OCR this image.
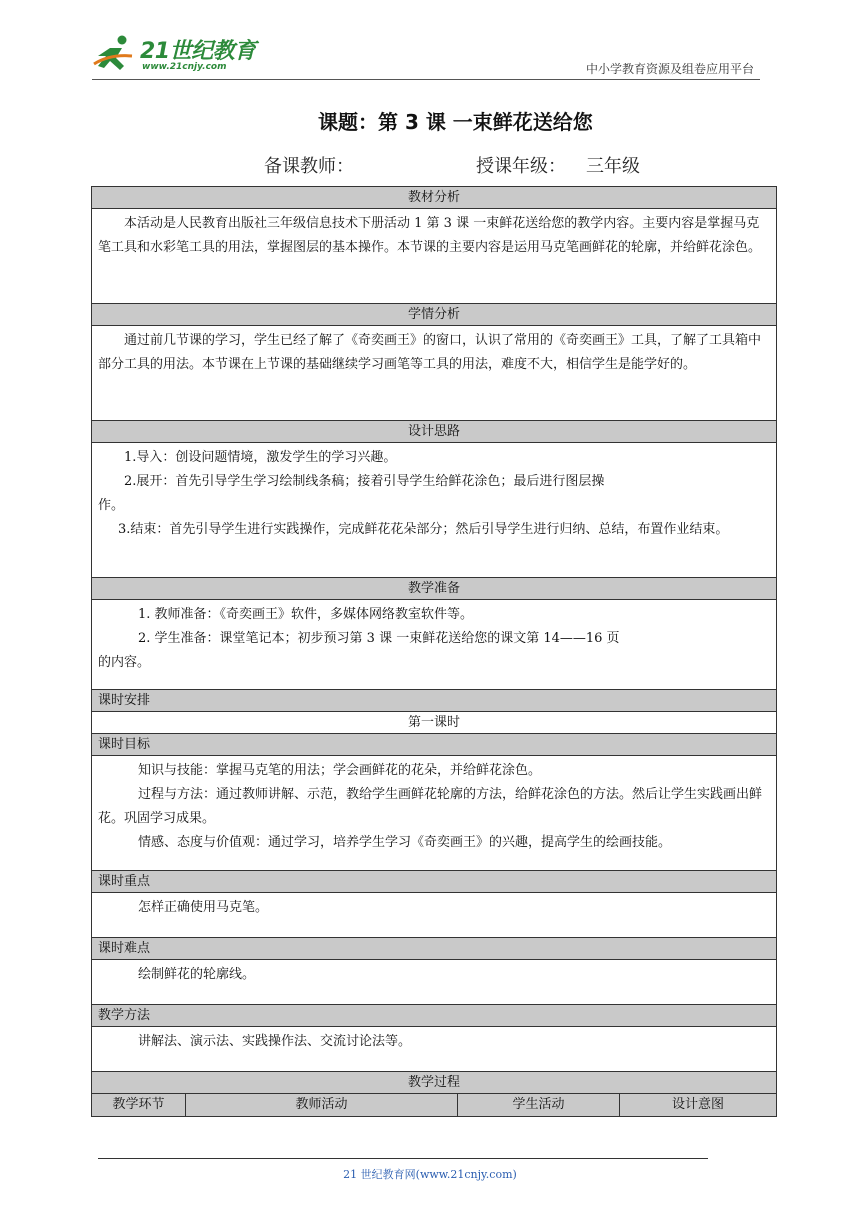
21世纪教育
www.21cnjy.com	中小学教育资源及组卷应用平台
课题：第 3 课 一束鲜花送给您
备课教师：	授课年级： 三年级
教材分析

本活动是人民教育出版社三年级信息技术下册活动 1 第 3 课 一束鲜花送给您的教学内容。主要内容是掌握马克笔工具和水彩笔工具的用法，掌握图层的基本操作。本节课的主要内容是运用马克笔画鲜花的轮廓，并给鲜花涂色。

学情分析

通过前几节课的学习，学生已经了解了《奇奕画王》的窗口，认识了常用的《奇奕画王》工具，了解了工具箱中部分工具的用法。本节课在上节课的基础继续学习画笔等工具的用法，难度不大，相信学生是能学好的。

设计思路

1.导入：创设问题情境，激发学生的学习兴趣。

2.展开：首先引导学生学习绘制线条稿；接着引导学生给鲜花涂色；最后进行图层操

作。

3.结束：首先引导学生进行实践操作，完成鲜花花朵部分；然后引导学生进行归纳、总结，布置作业结束。

教学准备

1. 教师准备：《奇奕画王》软件，多媒体网络教室软件等。

2. 学生准备：课堂笔记本；初步预习第 3 课 一束鲜花送给您的课文第 14——16 页

的内容。

课时安排
第一课时
课时目标

知识与技能：掌握马克笔的用法；学会画鲜花的花朵，并给鲜花涂色。

过程与方法：通过教师讲解、示范，教给学生画鲜花轮廓的方法，给鲜花涂色的方法。然后让学生实践画出鲜花。巩固学习成果。

情感、态度与价值观：通过学习，培养学生学习《奇奕画王》的兴趣，提高学生的绘画技能。

课时重点

怎样正确使用马克笔。

课时难点

绘制鲜花的轮廓线。

教学方法

讲解法、演示法、实践操作法、交流讨论法等。

教学过程
教学环节	教师活动	学生活动	设计意图
21 世纪教育网(www.21cnjy.com)
